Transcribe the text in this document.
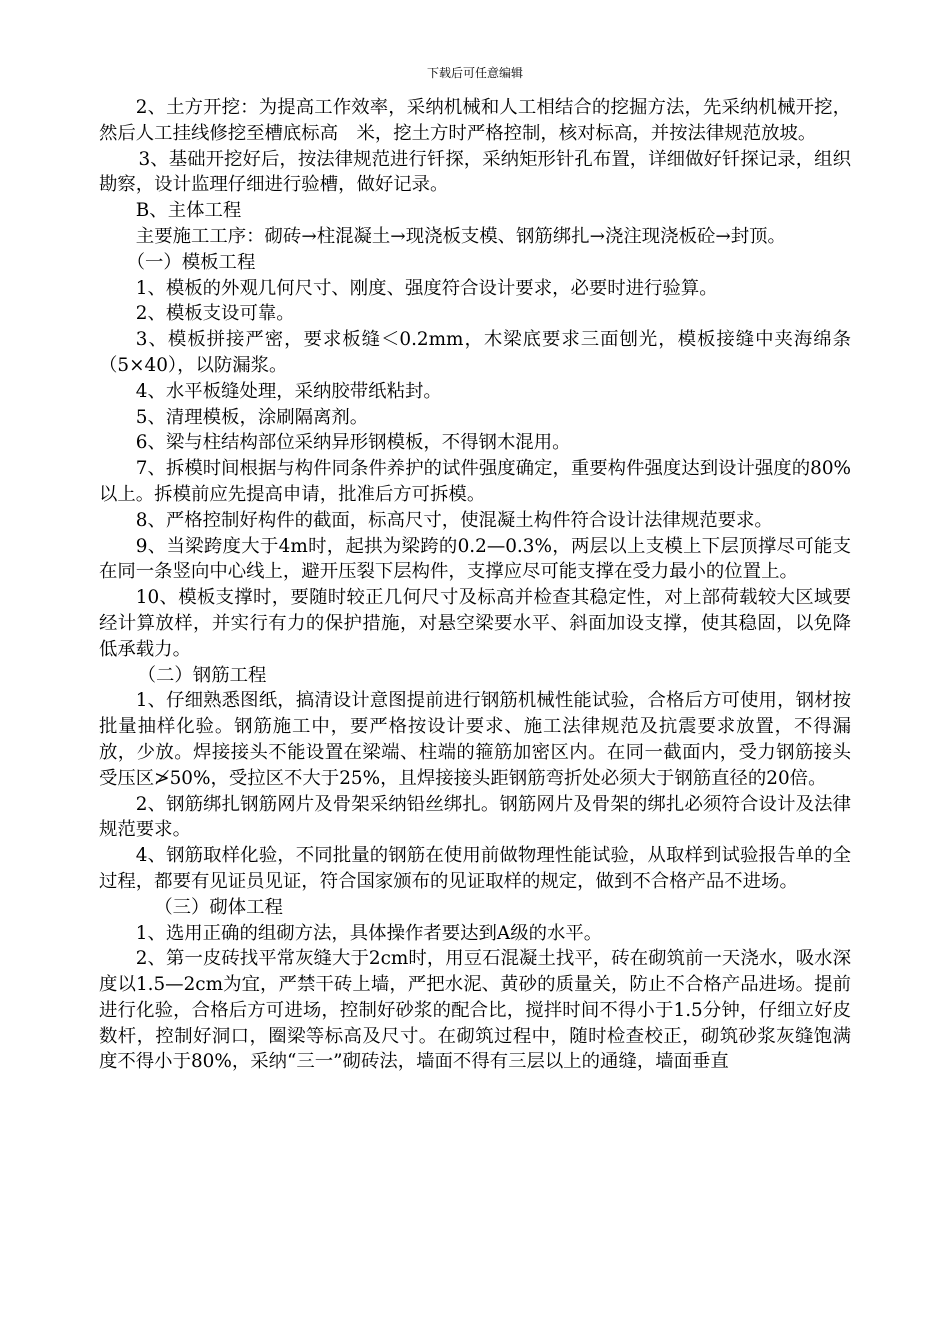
下载后可任意编辑

2、土方开挖：为提高工作效率，采纳机械和人工相结合的挖掘方法，先采纳机械开挖，然后人工挂线修挖至槽底标高　米，挖土方时严格控制，核对标高，并按法律规范放坡。

3、基础开挖好后，按法律规范进行钎探，采纳矩形针孔布置，详细做好钎探记录，组织勘察，设计监理仔细进行验槽，做好记录。

B、主体工程

主要施工工序：砌砖→柱混凝土→现浇板支模、钢筋绑扎→浇注现浇板砼→封顶。

（一）模板工程

1、模板的外观几何尺寸、刚度、强度符合设计要求，必要时进行验算。

2、模板支设可靠。

3、模板拼接严密，要求板缝＜0.2mm，木梁底要求三面刨光，模板接缝中夹海绵条（5×40），以防漏浆。

4、水平板缝处理，采纳胶带纸粘封。

5、清理模板，涂刷隔离剂。

6、梁与柱结构部位采纳异形钢模板，不得钢木混用。

7、拆模时间根据与构件同条件养护的试件强度确定，重要构件强度达到设计强度的80%以上。拆模前应先提高申请，批准后方可拆模。

8、严格控制好构件的截面，标高尺寸，使混凝土构件符合设计法律规范要求。

9、当梁跨度大于4m时，起拱为梁跨的0.2—0.3%，两层以上支模上下层顶撑尽可能支在同一条竖向中心线上，避开压裂下层构件，支撑应尽可能支撑在受力最小的位置上。

10、模板支撑时，要随时较正几何尺寸及标高并检查其稳定性，对上部荷载较大区域要经计算放样，并实行有力的保护措施，对悬空梁要水平、斜面加设支撑，使其稳固，以免降低承载力。

（二）钢筋工程

1、仔细熟悉图纸，搞清设计意图提前进行钢筋机械性能试验，合格后方可使用，钢材按批量抽样化验。钢筋施工中，要严格按设计要求、施工法律规范及抗震要求放置，不得漏放，少放。焊接接头不能设置在梁端、柱端的箍筋加密区内。在同一截面内，受力钢筋接头受压区≯50%，受拉区不大于25%，且焊接接头距钢筋弯折处必须大于钢筋直径的20倍。

2、钢筋绑扎钢筋网片及骨架采纳铅丝绑扎。钢筋网片及骨架的绑扎必须符合设计及法律规范要求。

4、钢筋取样化验，不同批量的钢筋在使用前做物理性能试验，从取样到试验报告单的全过程，都要有见证员见证，符合国家颁布的见证取样的规定，做到不合格产品不进场。

（三）砌体工程

1、选用正确的组砌方法，具体操作者要达到A级的水平。

2、第一皮砖找平常灰缝大于2cm时，用豆石混凝土找平，砖在砌筑前一天浇水，吸水深度以1.5—2cm为宜，严禁干砖上墙，严把水泥、黄砂的质量关，防止不合格产品进场。提前进行化验，合格后方可进场，控制好砂浆的配合比，搅拌时间不得小于1.5分钟，仔细立好皮数杆，控制好洞口，圈梁等标高及尺寸。在砌筑过程中，随时检查校正，砌筑砂浆灰缝饱满度不得小于80%，采纳“三一”砌砖法，墙面不得有三层以上的通缝，墙面垂直
